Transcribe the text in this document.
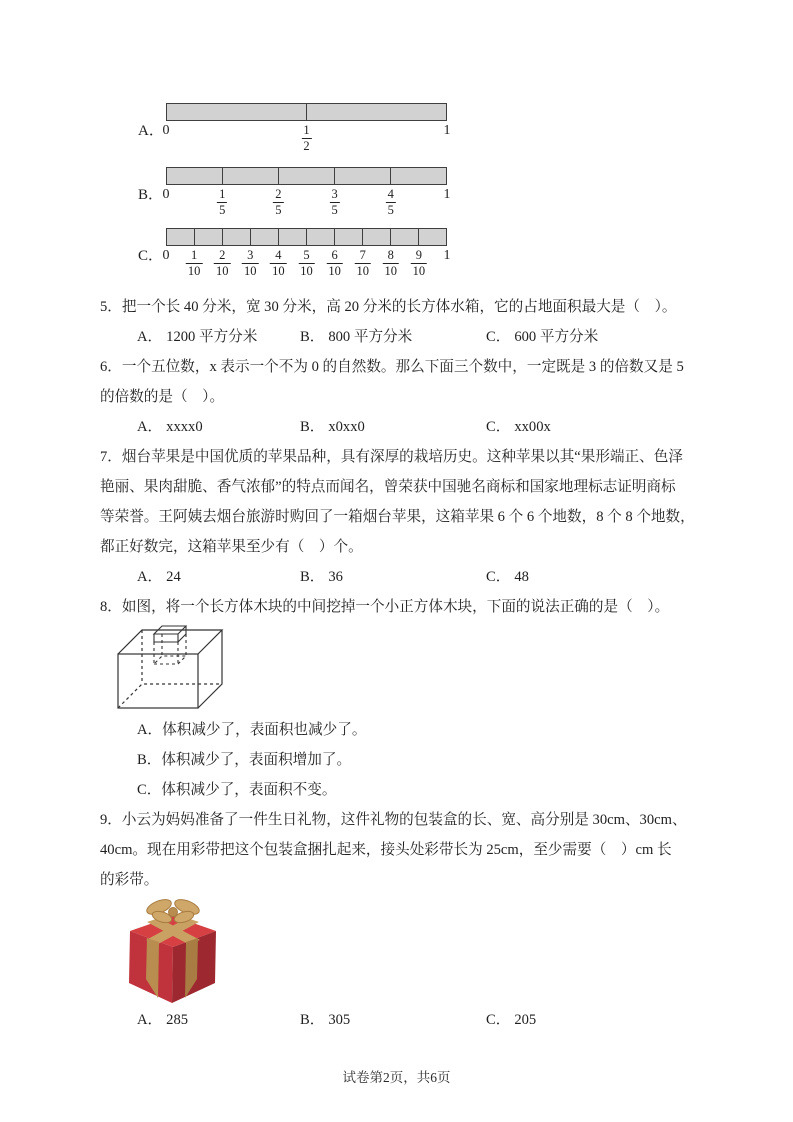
A．
0	$\frac{1}{2}$	1
B． 0	$\frac{1}{5}$	$\frac{2}{5}$	$\frac{3}{5}$	$\frac{4}{5}$	1
C． $0 \frac{1}{10} \frac{2}{10} \frac{3}{10} \frac{4}{10} \frac{5}{10} \frac{6}{10} \frac{7}{10} \frac{8}{10} \frac{9}{10} 1$
5．把一个长 40 分米，宽 30 分米，高 20 分米的长方体水箱，它的占地面积最大是（　）。
A． 1200 平方分米	B． 800 平方分米	C． 600 平方分米
6．一个五位数，x 表示一个不为 0 的自然数。那么下面三个数中，一定既是 3 的倍数又是 5
的倍数的是（　）。
A． xxxx0	B． x0xx0	C． xx00x
7．烟台苹果是中国优质的苹果品种，具有深厚的栽培历史。这种苹果以其“果形端正、色泽
艳丽、果肉甜脆、香气浓郁”的特点而闻名，曾荣获中国驰名商标和国家地理标志证明商标
等荣誉。王阿姨去烟台旅游时购回了一箱烟台苹果，这箱苹果 6 个 6 个地数，8 个 8 个地数，
都正好数完，这箱苹果至少有（　）个。
A． 24	B． 36	C． 48
8．如图，将一个长方体木块的中间挖掉一个小正方体木块，下面的说法正确的是（　）。
A．体积减少了，表面积也减少了。
B．体积减少了，表面积增加了。
C．体积减少了，表面积不变。
9．小云为妈妈准备了一件生日礼物，这件礼物的包装盒的长、宽、高分别是 30cm、30cm、
40cm。现在用彩带把这个包装盒捆扎起来，接头处彩带长为 25cm，至少需要（　）cm 长
的彩带。
A． 285	B． 305	C． 205
试卷第2页，共6页
